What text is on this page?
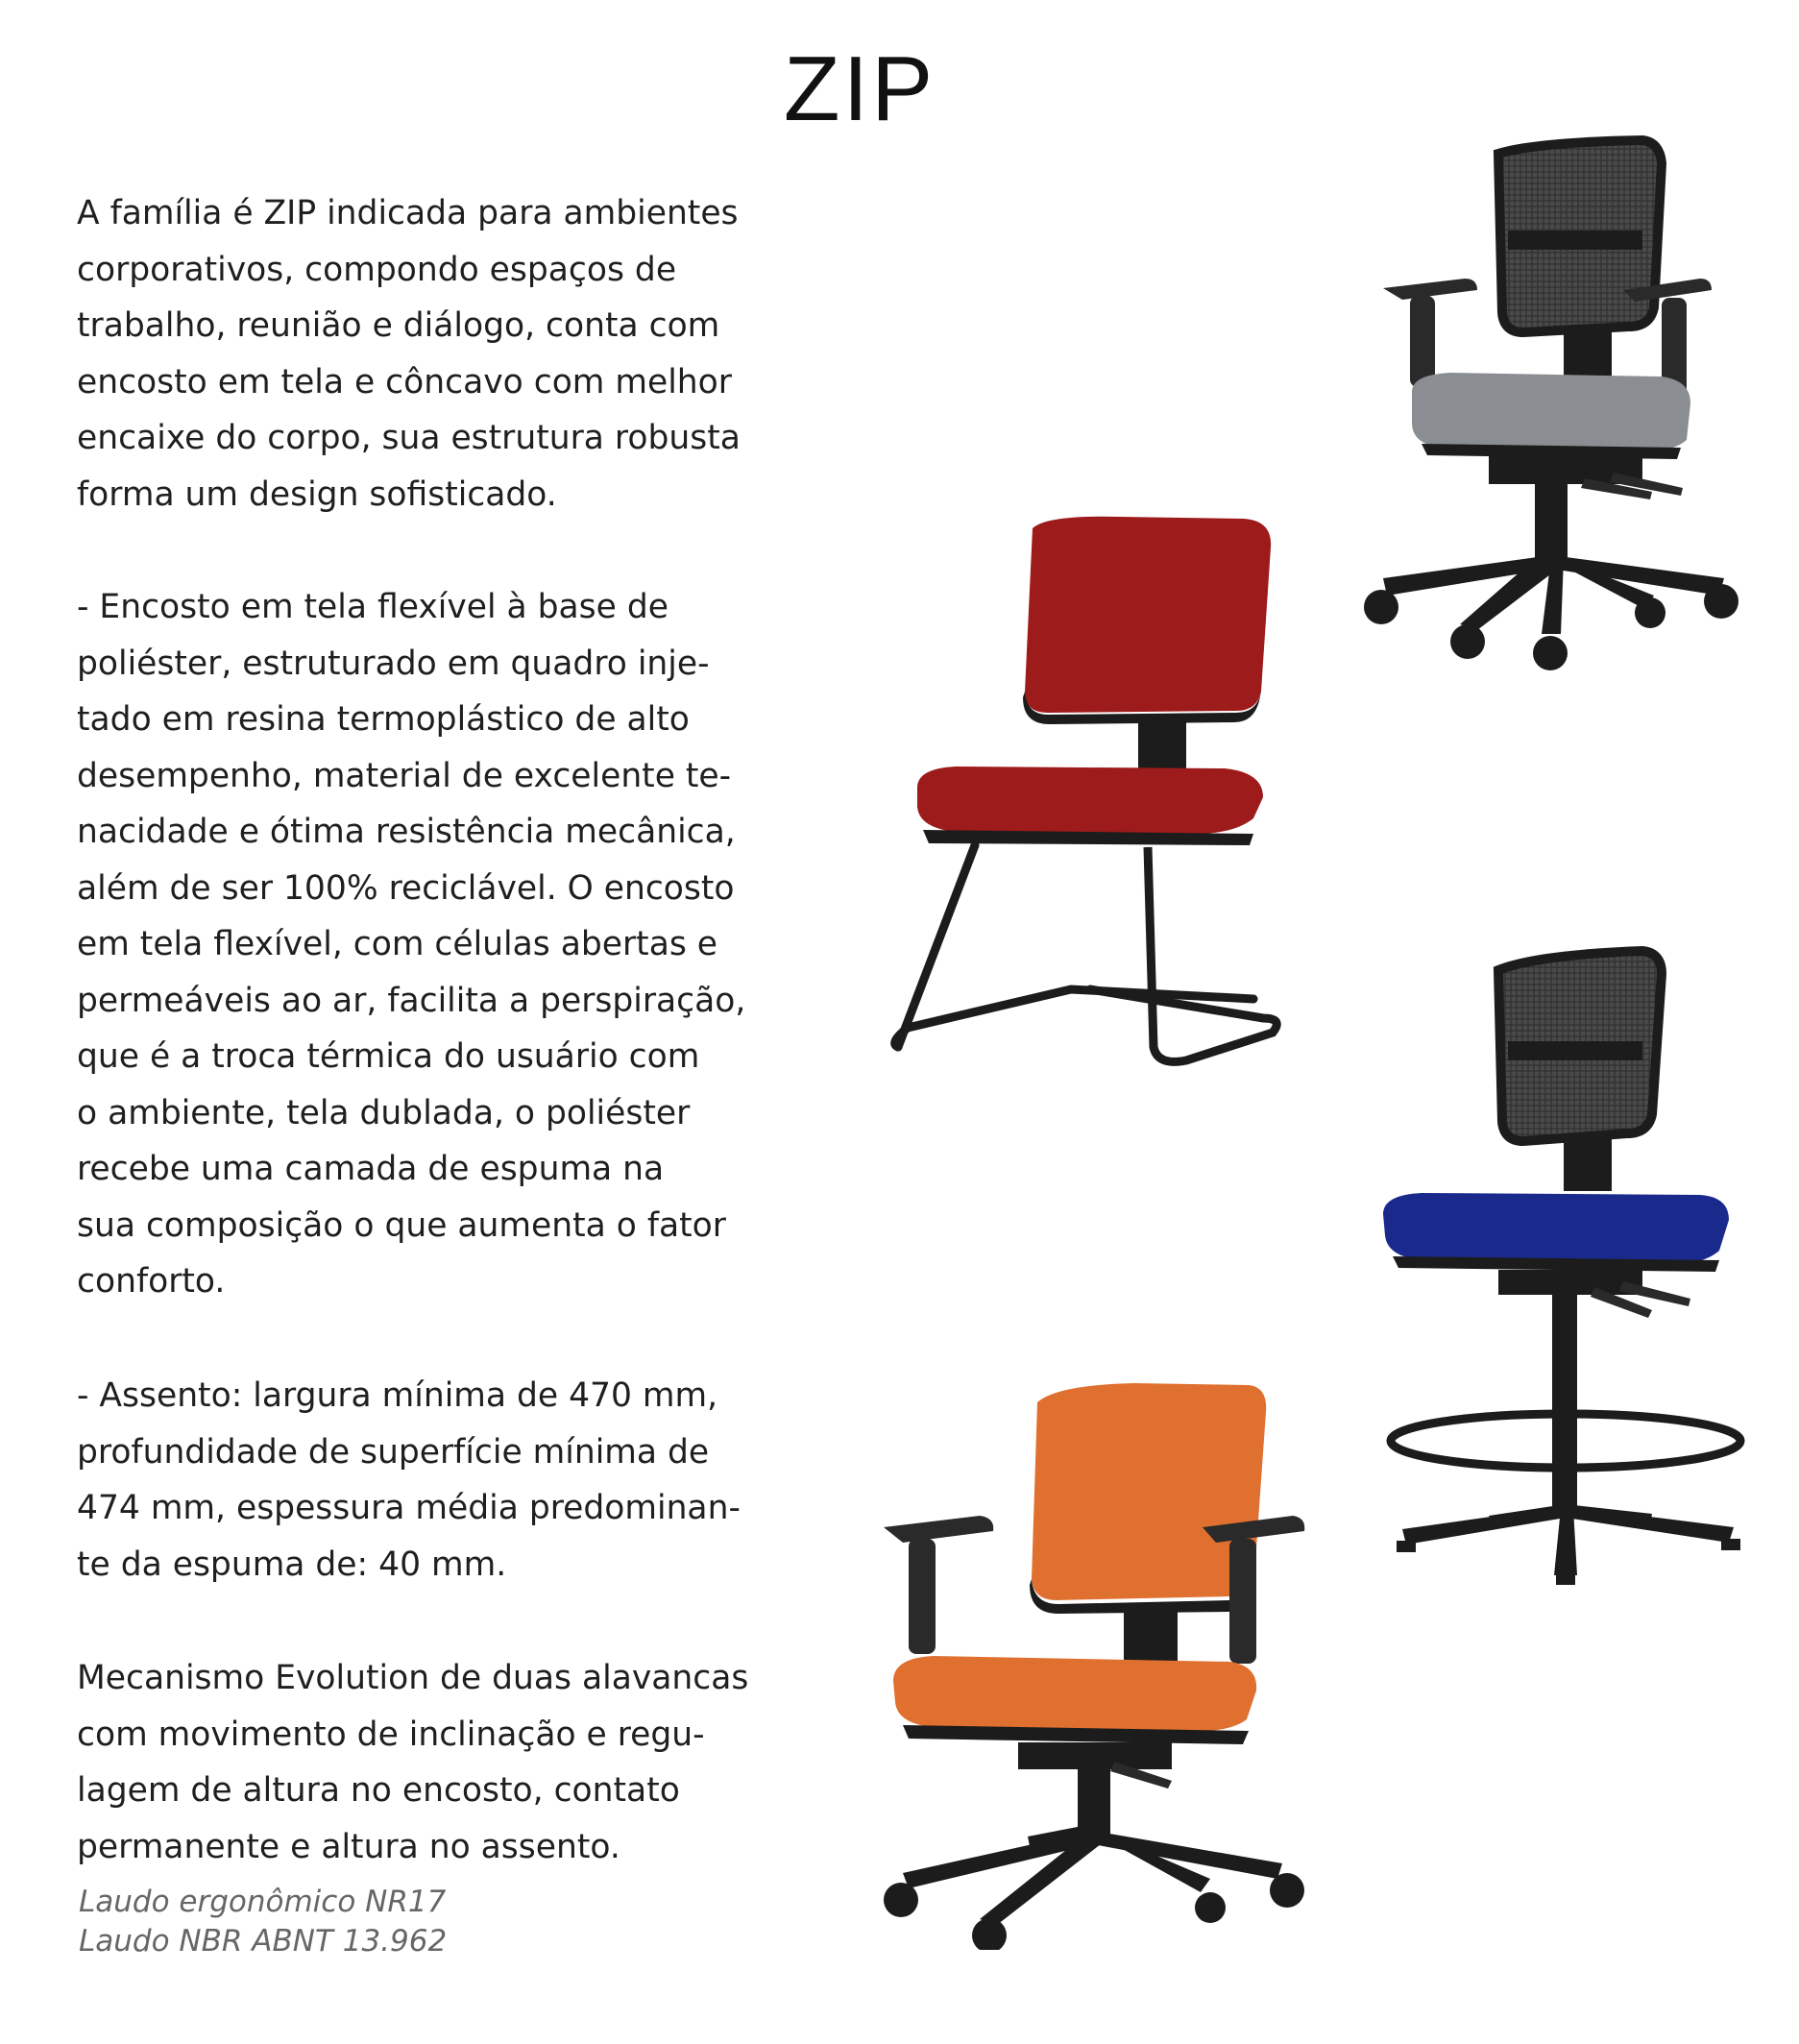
ZIP

A família é ZIP indicada para ambientes
corporativos, compondo espaços de
trabalho, reunião e diálogo, conta com
encosto em tela e côncavo com melhor
encaixe do corpo, sua estrutura robusta
forma um design sofisticado.

- Encosto em tela flexível à base de
poliéster, estruturado em quadro inje-
tado em resina termoplástico de alto
desempenho, material de excelente te-
nacidade e ótima resistência mecânica,
além de ser 100% reciclável. O encosto
em tela flexível, com células abertas e
permeáveis ao ar, facilita a perspiração,
que é a troca térmica do usuário com
o ambiente, tela dublada, o poliéster
recebe uma camada de espuma na
sua composição o que aumenta o fator
conforto.

- Assento: largura mínima de 470 mm,
profundidade de superfície mínima de
474 mm, espessura média predominan-
te da espuma de: 40 mm.

Mecanismo Evolution de duas alavancas
com movimento de inclinação e regu-
lagem de altura no encosto, contato
permanente e altura no assento.

Laudo ergonômico NR17
Laudo NBR ABNT 13.962
